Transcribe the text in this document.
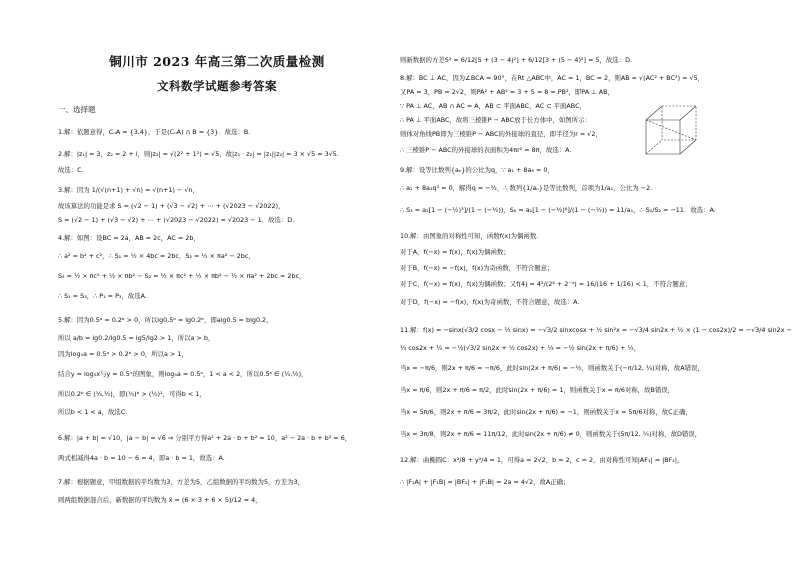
铜川市 2023 年高三第二次质量检测
文科数学试题参考答案
一、选择题
1.解：依题意得，CᵤA = {3,4}，于是(CᵤA) ∩ B = {3}．故选：B.
2.解：|z₁| = 3，z₂ = 2 + i，则|z₂| = √(2² + 1²) = √5，故|z₁ · z₂| = |z₁||z₂| = 3 × √5 = 3√5.
故选：C.
3.解：因为 1/(√(n+1) + √n) = √(n+1) − √n，
故该算法的功能是求 S = (√2 − 1) + (√3 − √2) + ⋯ + (√2023 − √2022)，
S = (√2 − 1) + (√3 − √2) + ⋯ + (√2023 − √2022) = √2023 − 1．故选：D.
4.解：如图：设BC = 2a，AB = 2c，AC = 2b，
∴ a² = b² + c²，∴ S₁ = ½ × 4bc = 2bc，S₂ = ½ × πa² − 2bc，
S₃ = ½ × πc² + ½ × πb² − S₂ = ½ × πc² + ½ × πb² − ½ × πa² + 2bc = 2bc，
∴ S₁ = S₃，∴ P₁ = P₃，故选A.
5.解：因为0.5ᵃ = 0.2ᵇ > 0，所以lg0.5ᵃ = lg0.2ᵇ，即alg0.5 = blg0.2，
所以 a/b = lg0.2/lg0.5 = lg5/lg2 > 1，所以a > b，
因为log₅a = 0.5ᵃ > 0.2ᵇ > 0，所以a > 1，
结合y = log₅x与y = 0.5ˣ的图象，则log₅a = 0.5ᵃ，1 < a < 2，所以0.5ᵃ ∈ (¼,½)，
所以0.2ᵇ ∈ (¼,½)，即(⅕)ᵇ > (⅕)¹，可得b < 1，
所以b < 1 < a，故选C.
6.解：|a + b| = √10，|a − b| = √6 ⇒ 分别平方得a² + 2a · b + b² = 10，a² − 2a · b + b² = 6，
两式相减得4a · b = 10 − 6 = 4，即a · b = 1，故选：A.
7.解：根据题意，甲组数据的平均数为3，方差为5，乙组数据的平均数为5，方差为3，
则两组数据混合后，新数据的平均数为 x̄ = (6 × 3 + 6 × 5)/12 = 4，
则新数据的方差S² = 6/12[5 + (3 − 4)²] + 6/12[3 + (5 − 4)²] = 5，故选：D.
8.解：BC ⊥ AC，因为∠BCA = 90°，在Rt △ABC中，AC = 1，BC = 2，则AB = √(AC² + BC²) = √5，
又PA = 3，PB = 2√2，则PA² + AB² = 3 + 5 = 8 = PB²，即PA ⊥ AB，
∵ PA ⊥ AC，AB ∩ AC = A，AB ⊂ 平面ABC，AC ⊂ 平面ABC，
∴ PA ⊥ 平面ABC，故将三棱锥P − ABC放于长方体中，如图所示：
则体对角线PB即为三棱锥P − ABC的外接球的直径，即半径为r = √2，
∴ 三棱锥P − ABC的外接球的表面积为4πr² = 8π，故选：A.
9.解：设等比数列{aₙ}的公比为q，∵ a₁ + 8a₄ = 0，
∴ a₁ + 8a₁q³ = 0，解得q = −½，∴ 数列{1/aₙ}是等比数列，首项为1/a₁，公比为 −2.
∴ S₃ = a₁[1 − (−½)³]/(1 − (−½))，S₆ = a₁[1 − (−½)⁶]/(1 − (−½)) = 11/a₁，∴ S₅/S₂ = −11．故选：A.
10.解：由图象的对称性可知，函数f(x)为偶函数.
对于A，f(−x) = f(x)，f(x)为偶函数；
对于B，f(−x) = −f(x)，f(x)为奇函数，不符合题意；
对于C，f(−x) = f(x)，f(x)为偶函数；又f(4) = 4²/(2⁴ + 2⁻⁴) = 16/(16 + 1/16) < 1，不符合题意；
对于D，f(−x) = −f(x)，f(x)为奇函数，不符合题意，故选：A.
11.解：f(x) = −sinx(√3/2 cosx − ½ sinx) = −√3/2 sinxcosx + ½ sin²x = −√3/4 sin2x + ½ × (1 − cos2x)/2 = −√3/4 sin2x −
¼ cos2x + ¼ = −½(√3/2 sin2x + ½ cos2x) + ¼ = −½ sin(2x + π/6) + ¼，
当x = −π/6，则2x + π/6 = −π/6，此时sin(2x + π/6) = −½，则函数关于(−π/12, ¼)对称，故A错误，
当x = π/6，则2x + π/6 = π/2，此时sin(2x + π/6) = 1，则函数关于x = π/6对称，故B错误，
当x = 5π/6，则2x + π/6 = 3π/2，此时sin(2x + π/6) = −1，则函数关于x = 5π/6对称，故C正确，
当x = 3π/8，则2x + π/6 = 11π/12，此时sin(2x + π/6) ≠ 0，则函数关于(5π/12, ¼)对称，故D错误，
12.解：曲椭圆C：x²/8 + y²/4 = 1，可得a = 2√2，b = 2，c = 2，由对称性可知|AF₁| = |BF₂|，
∴ |F₁A| + |F₁B| = |BF₂| + |F₁B| = 2a = 4√2，故A正确；
